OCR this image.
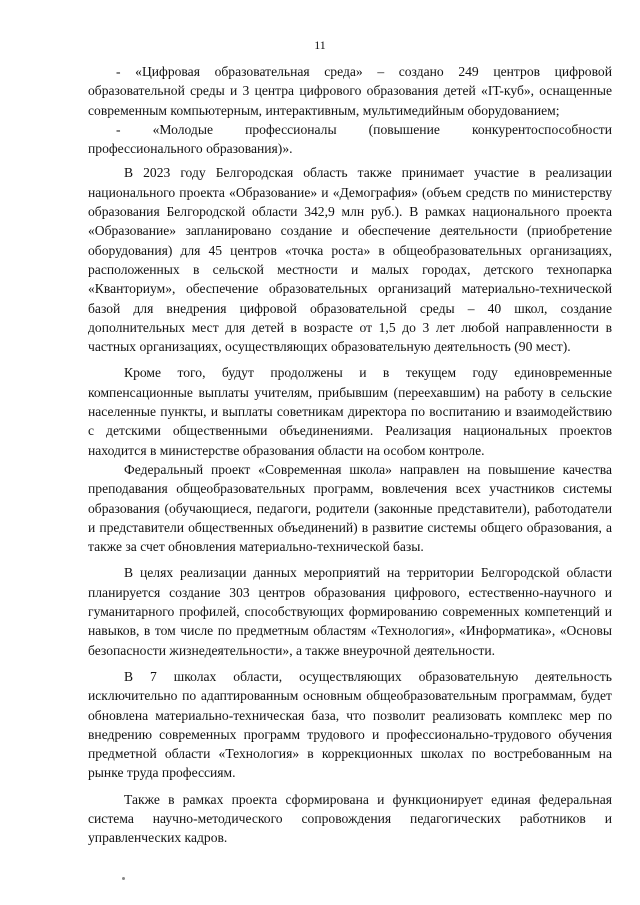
11

- «Цифровая образовательная среда» – создано 249 центров цифровой образовательной среды и 3 центра цифрового образования детей «IT-куб», оснащенные современным компьютерным, интерактивным, мультимедийным оборудованием;

- «Молодые профессионалы (повышение конкурентоспособности профессионального образования)».

В 2023 году Белгородская область также принимает участие в реализации национального проекта «Образование» и «Демография» (объем средств по министерству образования Белгородской области 342,9 млн руб.). В рамках национального проекта «Образование» запланировано создание и обеспечение деятельности (приобретение оборудования) для 45 центров «точка роста» в общеобразовательных организациях, расположенных в сельской местности и малых городах, детского технопарка «Кванториум», обеспечение образовательных организаций материально-технической базой для внедрения цифровой образовательной среды – 40 школ, создание дополнительных мест для детей в возрасте от 1,5 до 3 лет любой направленности в частных организациях, осуществляющих образовательную деятельность (90 мест).

Кроме того, будут продолжены и в текущем году единовременные компенсационные выплаты учителям, прибывшим (переехавшим) на работу в сельские населенные пункты, и выплаты советникам директора по воспитанию и взаимодействию с детскими общественными объединениями. Реализация национальных проектов находится в министерстве образования области на особом контроле.

Федеральный проект «Современная школа» направлен на повышение качества преподавания общеобразовательных программ, вовлечения всех участников системы образования (обучающиеся, педагоги, родители (законные представители), работодатели и представители общественных объединений) в развитие системы общего образования, а также за счет обновления материально-технической базы.

В целях реализации данных мероприятий на территории Белгородской области планируется создание 303 центров образования цифрового, естественно-научного и гуманитарного профилей, способствующих формированию современных компетенций и навыков, в том числе по предметным областям «Технология», «Информатика», «Основы безопасности жизнедеятельности», а также внеурочной деятельности.

В 7 школах области, осуществляющих образовательную деятельность исключительно по адаптированным основным общеобразовательным программам, будет обновлена материально-техническая база, что позволит реализовать комплекс мер по внедрению современных программ трудового и профессионально-трудового обучения предметной области «Технология» в коррекционных школах по востребованным на рынке труда профессиям.

Также в рамках проекта сформирована и функционирует единая федеральная система научно-методического сопровождения педагогических работников и управленческих кадров.
